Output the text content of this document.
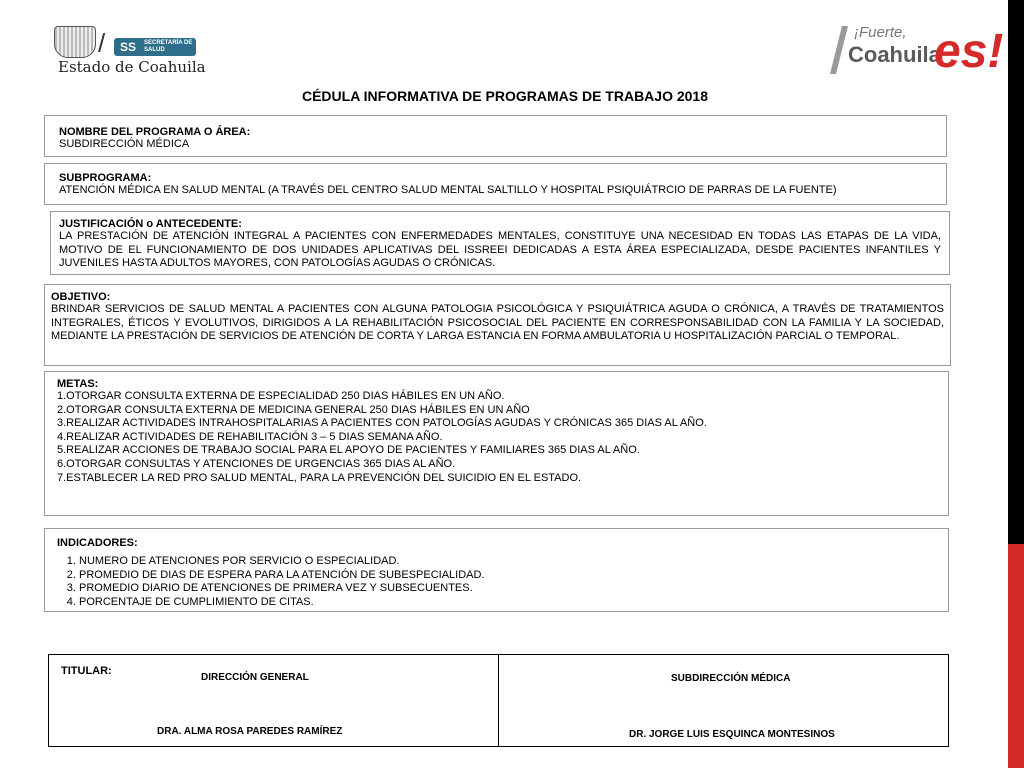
/ SS SECRETARÍA DE SALUD
Estado de Coahuila
¡Fuerte,
Coahuila
es!
CÉDULA INFORMATIVA DE PROGRAMAS DE TRABAJO 2018

NOMBRE DEL PROGRAMA O ÁREA:

SUBDIRECCIÓN MÉDICA

SUBPROGRAMA:

ATENCIÓN MÉDICA EN SALUD MENTAL (A TRAVÉS DEL CENTRO SALUD MENTAL SALTILLO Y HOSPITAL PSIQUIÁTRCIO DE PARRAS DE LA FUENTE)

JUSTIFICACIÓN o ANTECEDENTE:

LA PRESTACIÓN DE ATENCIÓN INTEGRAL A PACIENTES CON ENFERMEDADES MENTALES, CONSTITUYE UNA NECESIDAD EN TODAS LAS ETAPAS DE LA VIDA, MOTIVO DE EL FUNCIONAMIENTO DE DOS UNIDADES APLICATIVAS DEL ISSREEI DEDICADAS A ESTA ÁREA ESPECIALIZADA, DESDE PACIENTES INFANTILES Y JUVENILES HASTA ADULTOS MAYORES, CON PATOLOGÍAS AGUDAS O CRÓNICAS.

OBJETIVO:

BRINDAR SERVICIOS DE SALUD MENTAL A PACIENTES CON ALGUNA PATOLOGIA PSICOLÓGICA Y PSIQUIÁTRICA AGUDA O CRÓNICA, A TRAVÉS DE TRATAMIENTOS INTEGRALES, ÉTICOS Y EVOLUTIVOS, DIRIGIDOS A LA REHABILITACIÓN PSICOSOCIAL DEL PACIENTE EN CORRESPONSABILIDAD CON LA FAMILIA Y LA SOCIEDAD, MEDIANTE LA PRESTACIÓN DE SERVICIOS DE ATENCIÓN DE CORTA Y LARGA ESTANCIA EN FORMA AMBULATORIA U HOSPITALIZACIÓN PARCIAL O TEMPORAL.

METAS:

1.OTORGAR CONSULTA EXTERNA DE ESPECIALIDAD 250 DIAS HÁBILES EN UN AÑO.

2.OTORGAR CONSULTA EXTERNA DE MEDICINA GENERAL 250 DIAS HÁBILES EN UN AÑO

3.REALIZAR ACTIVIDADES INTRAHOSPITALARIAS A PACIENTES CON PATOLOGÍAS AGUDAS Y CRÓNICAS 365 DIAS AL AÑO.

4.REALIZAR ACTIVIDADES DE REHABILITACIÓN 3 – 5 DIAS SEMANA AÑO.

5.REALIZAR ACCIONES DE TRABAJO SOCIAL PARA EL APOYO DE PACIENTES Y FAMILIARES 365 DIAS AL AÑO.

6.OTORGAR CONSULTAS Y ATENCIONES DE URGENCIAS 365 DIAS AL AÑO.

7.ESTABLECER LA RED PRO SALUD MENTAL, PARA LA PREVENCIÓN DEL SUICIDIO EN EL ESTADO.

INDICADORES:

1. NUMERO DE ATENCIONES POR SERVICIO O ESPECIALIDAD.
2. PROMEDIO DE DIAS DE ESPERA PARA LA ATENCIÓN DE SUBESPECIALIDAD.
3. PROMEDIO DIARIO DE ATENCIONES DE PRIMERA VEZ Y SUBSECUENTES.
4. PORCENTAJE DE CUMPLIMIENTO DE CITAS.
TITULAR:
DIRECCIÓN GENERAL
DRA. ALMA ROSA PAREDES RAMÍREZ
SUBDIRECCIÓN MÉDICA
DR. JORGE LUIS ESQUINCA MONTESINOS
